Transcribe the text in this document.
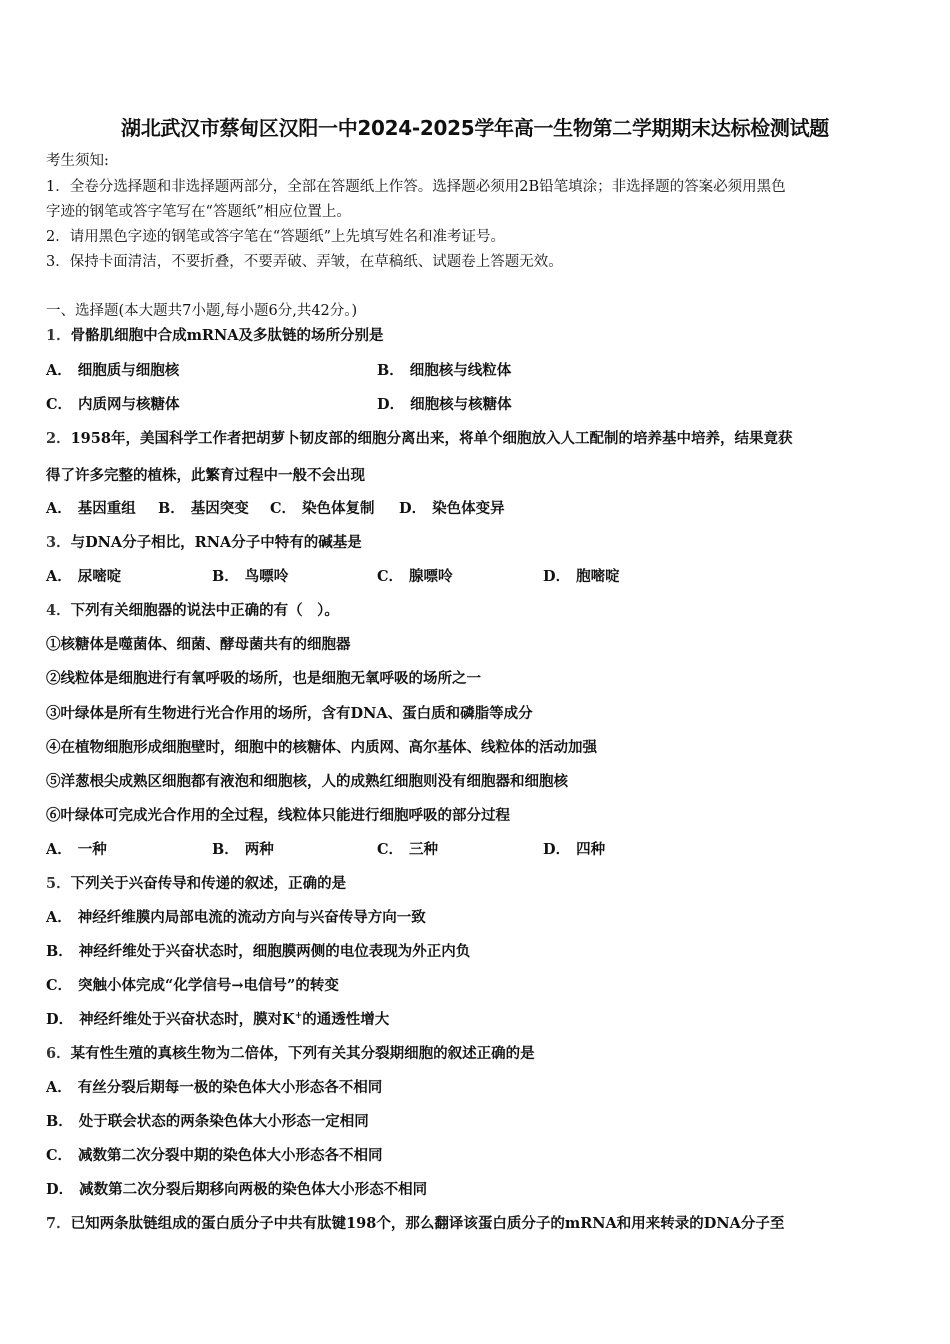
湖北武汉市蔡甸区汉阳一中2024-2025学年高一生物第二学期期末达标检测试题
考生须知:
1．全卷分选择题和非选择题两部分，全部在答题纸上作答。选择题必须用2B铅笔填涂；非选择题的答案必须用黑色
字迹的钢笔或答字笔写在“答题纸”相应位置上。
2．请用黑色字迹的钢笔或答字笔在“答题纸”上先填写姓名和准考证号。
3．保持卡面清洁，不要折叠，不要弄破、弄皱，在草稿纸、试题卷上答题无效。
一、选择题(本大题共7小题,每小题6分,共42分。)
1．骨骼肌细胞中合成mRNA及多肽链的场所分别是
A． 细胞质与细胞核	B． 细胞核与线粒体
C． 内质网与核糖体	D． 细胞核与核糖体
2．1958年，美国科学工作者把胡萝卜韧皮部的细胞分离出来，将单个细胞放入人工配制的培养基中培养，结果竟获
得了许多完整的植株，此繁育过程中一般不会出现
A． 基因重组 B． 基因突变 C． 染色体复制 D． 染色体变异
3．与DNA分子相比，RNA分子中特有的碱基是
A． 尿嘧啶	B． 鸟嘌呤	C． 腺嘌呤	D． 胞嘧啶
4．下列有关细胞器的说法中正确的有（　）。
①核糖体是噬菌体、细菌、酵母菌共有的细胞器
②线粒体是细胞进行有氧呼吸的场所，也是细胞无氧呼吸的场所之一
③叶绿体是所有生物进行光合作用的场所，含有DNA、蛋白质和磷脂等成分
④在植物细胞形成细胞壁时，细胞中的核糖体、内质网、高尔基体、线粒体的活动加强
⑤洋葱根尖成熟区细胞都有液泡和细胞核，人的成熟红细胞则没有细胞器和细胞核
⑥叶绿体可完成光合作用的全过程，线粒体只能进行细胞呼吸的部分过程
A． 一种	B． 两种	C． 三种	D． 四种
5．下列关于兴奋传导和传递的叙述，正确的是
A． 神经纤维膜内局部电流的流动方向与兴奋传导方向一致
B． 神经纤维处于兴奋状态时，细胞膜两侧的电位表现为外正内负
C． 突触小体完成“化学信号→电信号”的转变
D． 神经纤维处于兴奋状态时，膜对K+的通透性增大
6．某有性生殖的真核生物为二倍体，下列有关其分裂期细胞的叙述正确的是
A． 有丝分裂后期每一极的染色体大小形态各不相同
B． 处于联会状态的两条染色体大小形态一定相同
C． 减数第二次分裂中期的染色体大小形态各不相同
D． 减数第二次分裂后期移向两极的染色体大小形态不相同
7．已知两条肽链组成的蛋白质分子中共有肽键198个，那么翻译该蛋白质分子的mRNA和用来转录的DNA分子至
